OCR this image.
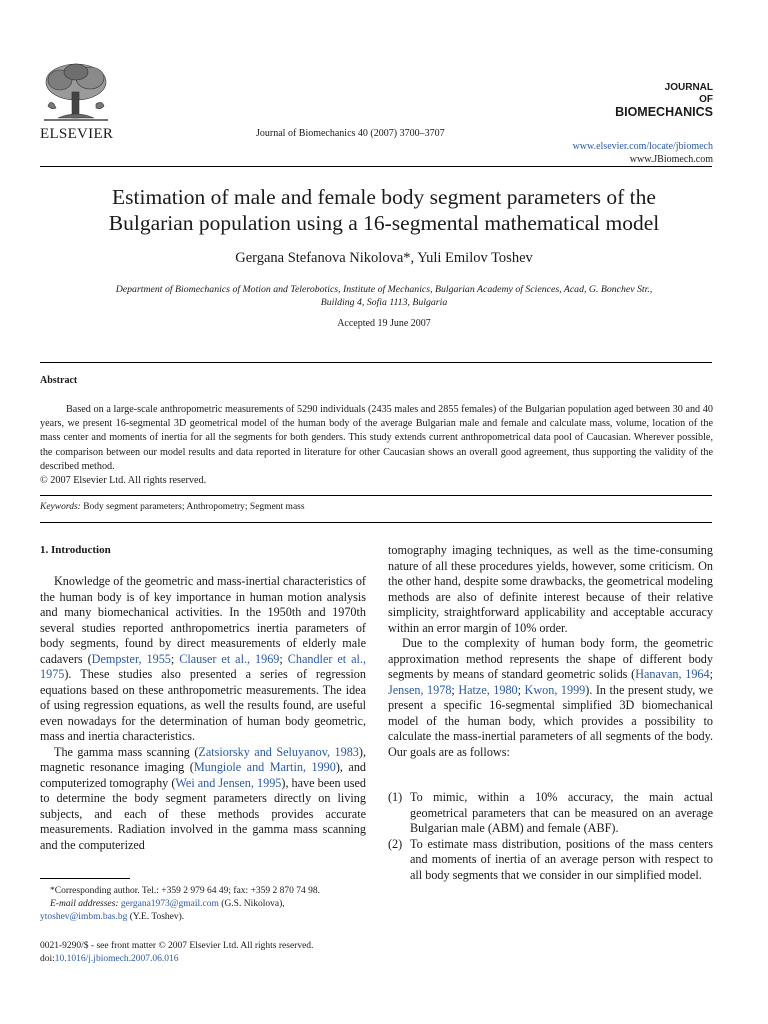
ELSEVIER	Journal of Biomechanics 40 (2007) 3700–3707
JOURNAL
OF
BIOMECHANICS
www.elsevier.com/locate/jbiomech
www.JBiomech.com
Estimation of male and female body segment parameters of the
Bulgarian population using a 16-segmental mathematical model
Gergana Stefanova Nikolova*, Yuli Emilov Toshev
Department of Biomechanics of Motion and Telerobotics, Institute of Mechanics, Bulgarian Academy of Sciences, Acad, G. Bonchev Str.,
Building 4, Sofia 1113, Bulgaria
Accepted 19 June 2007
Abstract
Based on a large-scale anthropometric measurements of 5290 individuals (2435 males and 2855 females) of the Bulgarian population aged between 30 and 40 years, we present 16-segmental 3D geometrical model of the human body of the average Bulgarian male and female and calculate mass, volume, location of the mass center and moments of inertia for all the segments for both genders. This study extends current anthropometrical data pool of Caucasian. Wherever possible, the comparison between our model results and data reported in literature for other Caucasian shows an overall good agreement, thus supporting the validity of the described method.
© 2007 Elsevier Ltd. All rights reserved.
Keywords: Body segment parameters; Anthropometry; Segment mass
1. Introduction

Knowledge of the geometric and mass-inertial characteristics of the human body is of key importance in human motion analysis and many biomechanical activities. In the 1950th and 1970th several studies reported anthropometrics inertia parameters of body segments, found by direct measurements of elderly male cadavers (Dempster, 1955; Clauser et al., 1969; Chandler et al., 1975). These studies also presented a series of regression equations based on these anthropometric measurements. The idea of using regression equations, as well the results found, are useful even nowadays for the determination of human body geometric, mass and inertia characteristics.

The gamma mass scanning (Zatsiorsky and Seluyanov, 1983), magnetic resonance imaging (Mungiole and Martin, 1990), and computerized tomography (Wei and Jensen, 1995), have been used to determine the body segment parameters directly on living subjects, and each of these methods provides accurate measurements. Radiation involved in the gamma mass scanning and the computerized

*Corresponding author. Tel.: +359 2 979 64 49; fax: +359 2 870 74 98.
E-mail addresses: gergana1973@gmail.com (G.S. Nikolova),
ytoshev@imbm.bas.bg (Y.E. Toshev).
0021-9290/$ - see front matter © 2007 Elsevier Ltd. All rights reserved.
doi:10.1016/j.jbiomech.2007.06.016

tomography imaging techniques, as well as the time-consuming nature of all these procedures yields, however, some criticism. On the other hand, despite some drawbacks, the geometrical modeling methods are also of definite interest because of their relative simplicity, straightforward applicability and acceptable accuracy within an error margin of 10% order.

Due to the complexity of human body form, the geometric approximation method represents the shape of different body segments by means of standard geometric solids (Hanavan, 1964; Jensen, 1978; Hatze, 1980; Kwon, 1999). In the present study, we present a specific 16-segmental simplified 3D biomechanical model of the human body, which provides a possibility to calculate the mass-inertial parameters of all segments of the body. Our goals are as follows:

(1) To mimic, within a 10% accuracy, the main actual geometrical parameters that can be measured on an average Bulgarian male (ABM) and female (ABF).
(2) To estimate mass distribution, positions of the mass centers and moments of inertia of an average person with respect to all body segments that we consider in our simplified model.
